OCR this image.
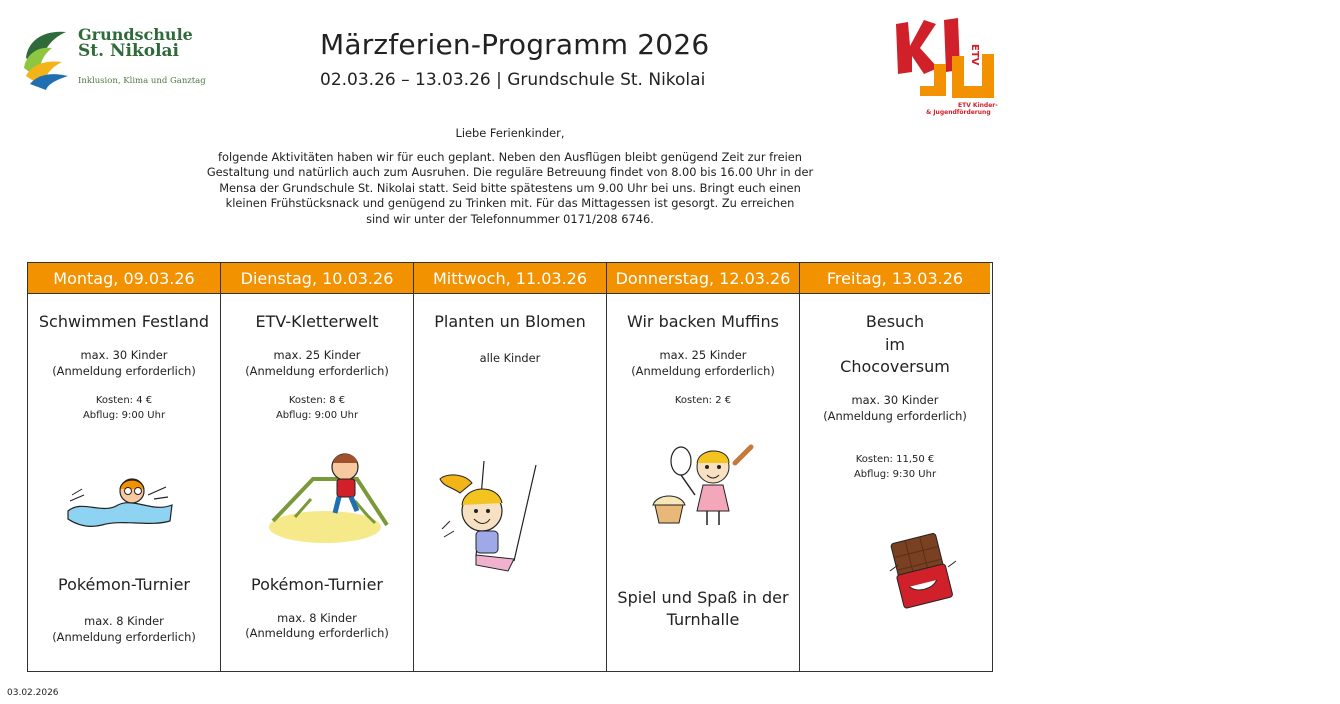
Grundschule
St. Nikolai
Inklusion, Klima und Ganztag
Märzferien-Programm 2026
02.03.26 – 13.03.26 | Grundschule St. Nikolai
ETV
ETV Kinder-
& Jugendförderung
Liebe Ferienkinder,
folgende Aktivitäten haben wir für euch geplant. Neben den Ausflügen bleibt genügend Zeit zur freien
Gestaltung und natürlich auch zum Ausruhen. Die reguläre Betreuung findet von 8.00 bis 16.00 Uhr in der
Mensa der Grundschule St. Nikolai statt. Seid bitte spätestens um 9.00 Uhr bei uns. Bringt euch einen
kleinen Frühstücksnack und genügend zu Trinken mit. Für das Mittagessen ist gesorgt. Zu erreichen
sind wir unter der Telefonnummer 0171/208 6746.
Montag, 09.03.26
Schwimmen Festland
max. 30 Kinder
(Anmeldung erforderlich)
Kosten: 4 €
Abflug: 9:00 Uhr
Pokémon-Turnier
max. 8 Kinder
(Anmeldung erforderlich)
Dienstag, 10.03.26
ETV-Kletterwelt
max. 25 Kinder
(Anmeldung erforderlich)
Kosten: 8 €
Abflug: 9:00 Uhr
Pokémon-Turnier
max. 8 Kinder
(Anmeldung erforderlich)
Mittwoch, 11.03.26
Planten un Blomen
alle Kinder
Donnerstag, 12.03.26
Wir backen Muffins
max. 25 Kinder
(Anmeldung erforderlich)
Kosten: 2 €
Spiel und Spaß in der
Turnhalle
Freitag, 13.03.26
Besuch
im
Chocoversum
max. 30 Kinder
(Anmeldung erforderlich)
Kosten: 11,50 €
Abflug: 9:30 Uhr
03.02.2026
